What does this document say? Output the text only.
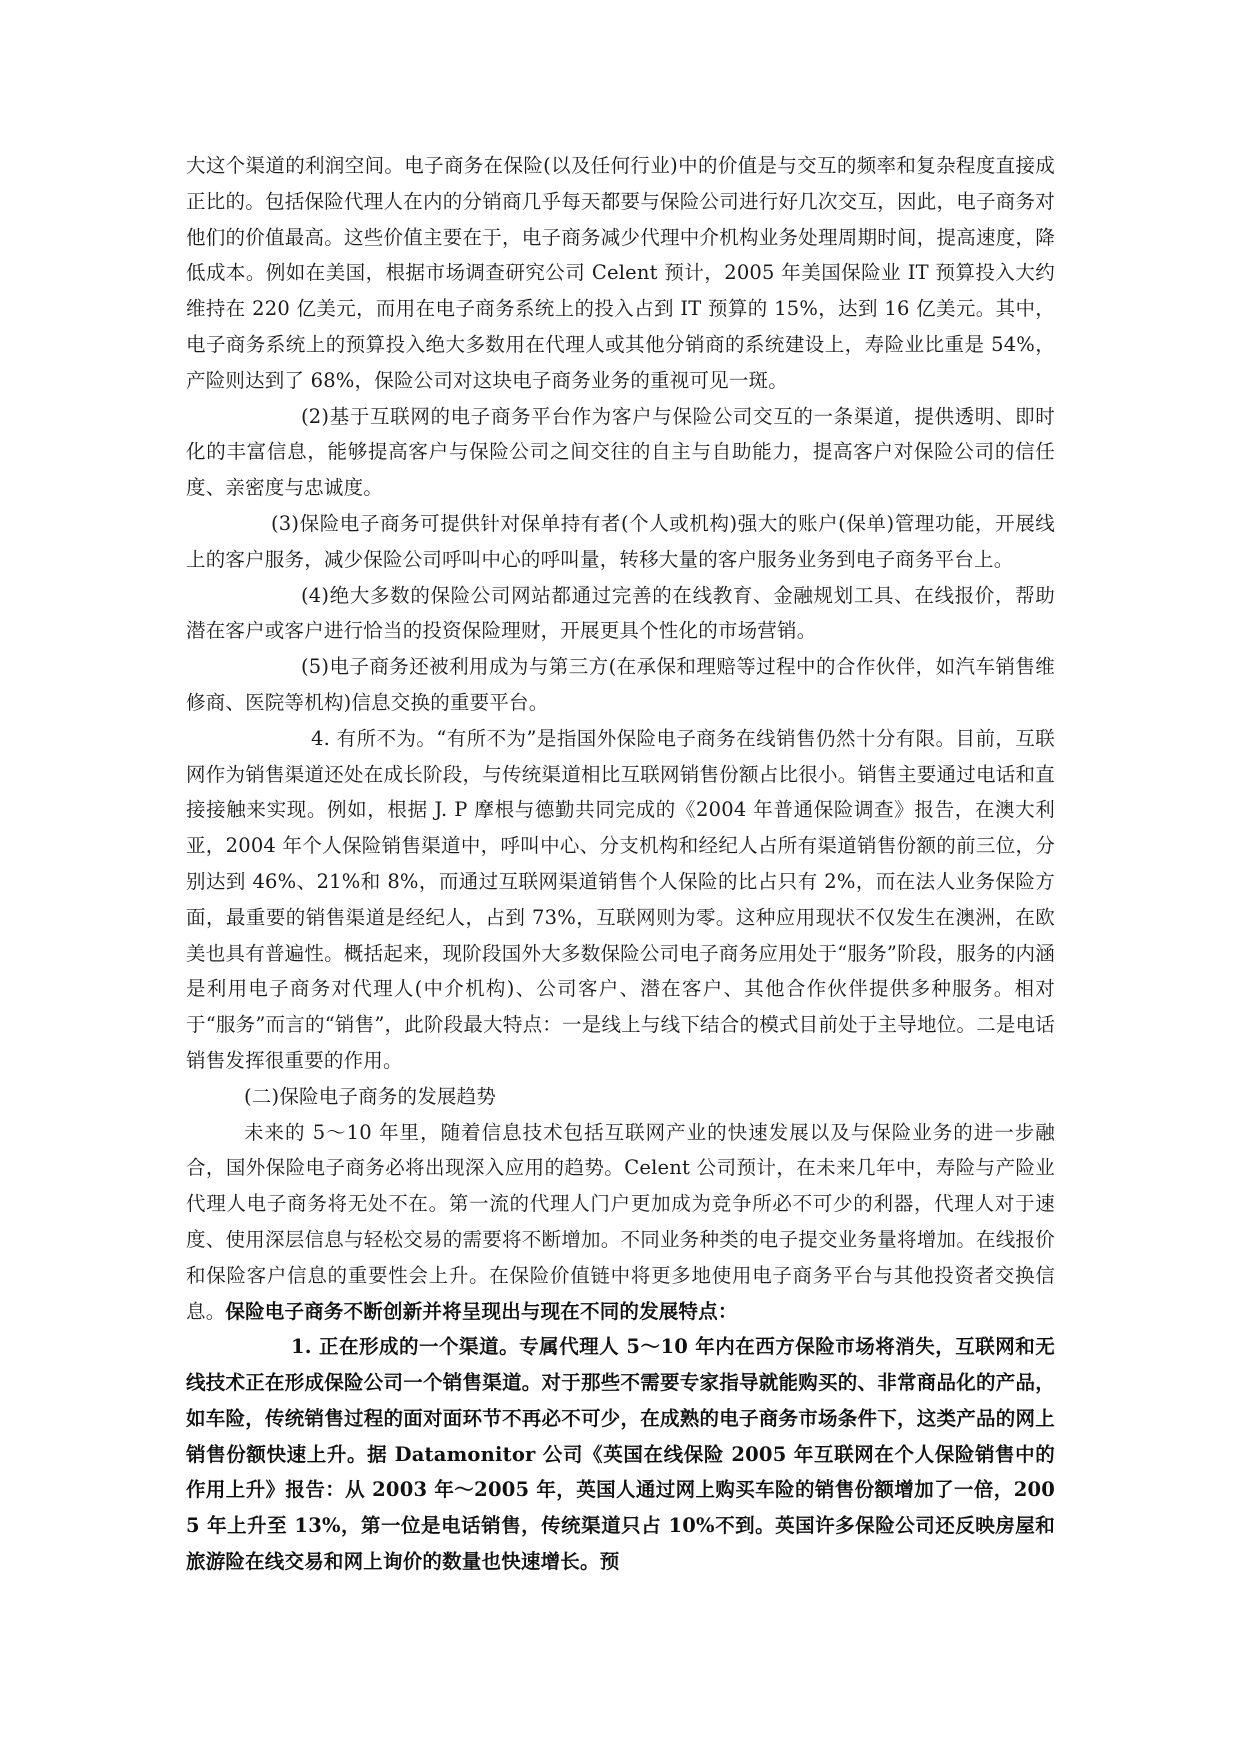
大这个渠道的利润空间。电子商务在保险(以及任何行业)中的价值是与交互的频率和复杂程度直接成正比的。包括保险代理人在内的分销商几乎每天都要与保险公司进行好几次交互，因此，电子商务对他们的价值最高。这些价值主要在于，电子商务减少代理中介机构业务处理周期时间，提高速度，降低成本。例如在美国，根据市场调查研究公司 Celent 预计，2005 年美国保险业 IT 预算投入大约维持在 220 亿美元，而用在电子商务系统上的投入占到 IT 预算的 15%，达到 16 亿美元。其中，电子商务系统上的预算投入绝大多数用在代理人或其他分销商的系统建设上，寿险业比重是 54%，产险则达到了 68%，保险公司对这块电子商务业务的重视可见一斑。

(2)基于互联网的电子商务平台作为客户与保险公司交互的一条渠道，提供透明、即时化的丰富信息，能够提高客户与保险公司之间交往的自主与自助能力，提高客户对保险公司的信任度、亲密度与忠诚度。

(3)保险电子商务可提供针对保单持有者(个人或机构)强大的账户(保单)管理功能，开展线上的客户服务，减少保险公司呼叫中心的呼叫量，转移大量的客户服务业务到电子商务平台上。

(4)绝大多数的保险公司网站都通过完善的在线教育、金融规划工具、在线报价，帮助潜在客户或客户进行恰当的投资保险理财，开展更具个性化的市场营销。

(5)电子商务还被利用成为与第三方(在承保和理赔等过程中的合作伙伴，如汽车销售维修商、医院等机构)信息交换的重要平台。

4. 有所不为。“有所不为”是指国外保险电子商务在线销售仍然十分有限。目前，互联网作为销售渠道还处在成长阶段，与传统渠道相比互联网销售份额占比很小。销售主要通过电话和直接接触来实现。例如，根据 J. P 摩根与德勤共同完成的《2004 年普通保险调查》报告，在澳大利亚，2004 年个人保险销售渠道中，呼叫中心、分支机构和经纪人占所有渠道销售份额的前三位，分别达到 46%、21%和 8%，而通过互联网渠道销售个人保险的比占只有 2%，而在法人业务保险方面，最重要的销售渠道是经纪人，占到 73%，互联网则为零。这种应用现状不仅发生在澳洲，在欧美也具有普遍性。概括起来，现阶段国外大多数保险公司电子商务应用处于“服务”阶段，服务的内涵是利用电子商务对代理人(中介机构)、公司客户、潜在客户、其他合作伙伴提供多种服务。相对于“服务”而言的“销售”，此阶段最大特点：一是线上与线下结合的模式目前处于主导地位。二是电话销售发挥很重要的作用。

(二)保险电子商务的发展趋势

未来的 5～10 年里，随着信息技术包括互联网产业的快速发展以及与保险业务的进一步融合，国外保险电子商务必将出现深入应用的趋势。Celent 公司预计，在未来几年中，寿险与产险业代理人电子商务将无处不在。第一流的代理人门户更加成为竞争所必不可少的利器，代理人对于速度、使用深层信息与轻松交易的需要将不断增加。不同业务种类的电子提交业务量将增加。在线报价和保险客户信息的重要性会上升。在保险价值链中将更多地使用电子商务平台与其他投资者交换信息。保险电子商务不断创新并将呈现出与现在不同的发展特点：

1. 正在形成的一个渠道。专属代理人 5～10 年内在西方保险市场将消失，互联网和无线技术正在形成保险公司一个销售渠道。对于那些不需要专家指导就能购买的、非常商品化的产品，如车险，传统销售过程的面对面环节不再必不可少，在成熟的电子商务市场条件下，这类产品的网上销售份额快速上升。据 Datamonitor 公司《英国在线保险 2005 年互联网在个人保险销售中的作用上升》报告：从 2003 年～2005 年，英国人通过网上购买车险的销售份额增加了一倍，2005 年上升至 13%，第一位是电话销售，传统渠道只占 10%不到。英国许多保险公司还反映房屋和旅游险在线交易和网上询价的数量也快速增长。预
